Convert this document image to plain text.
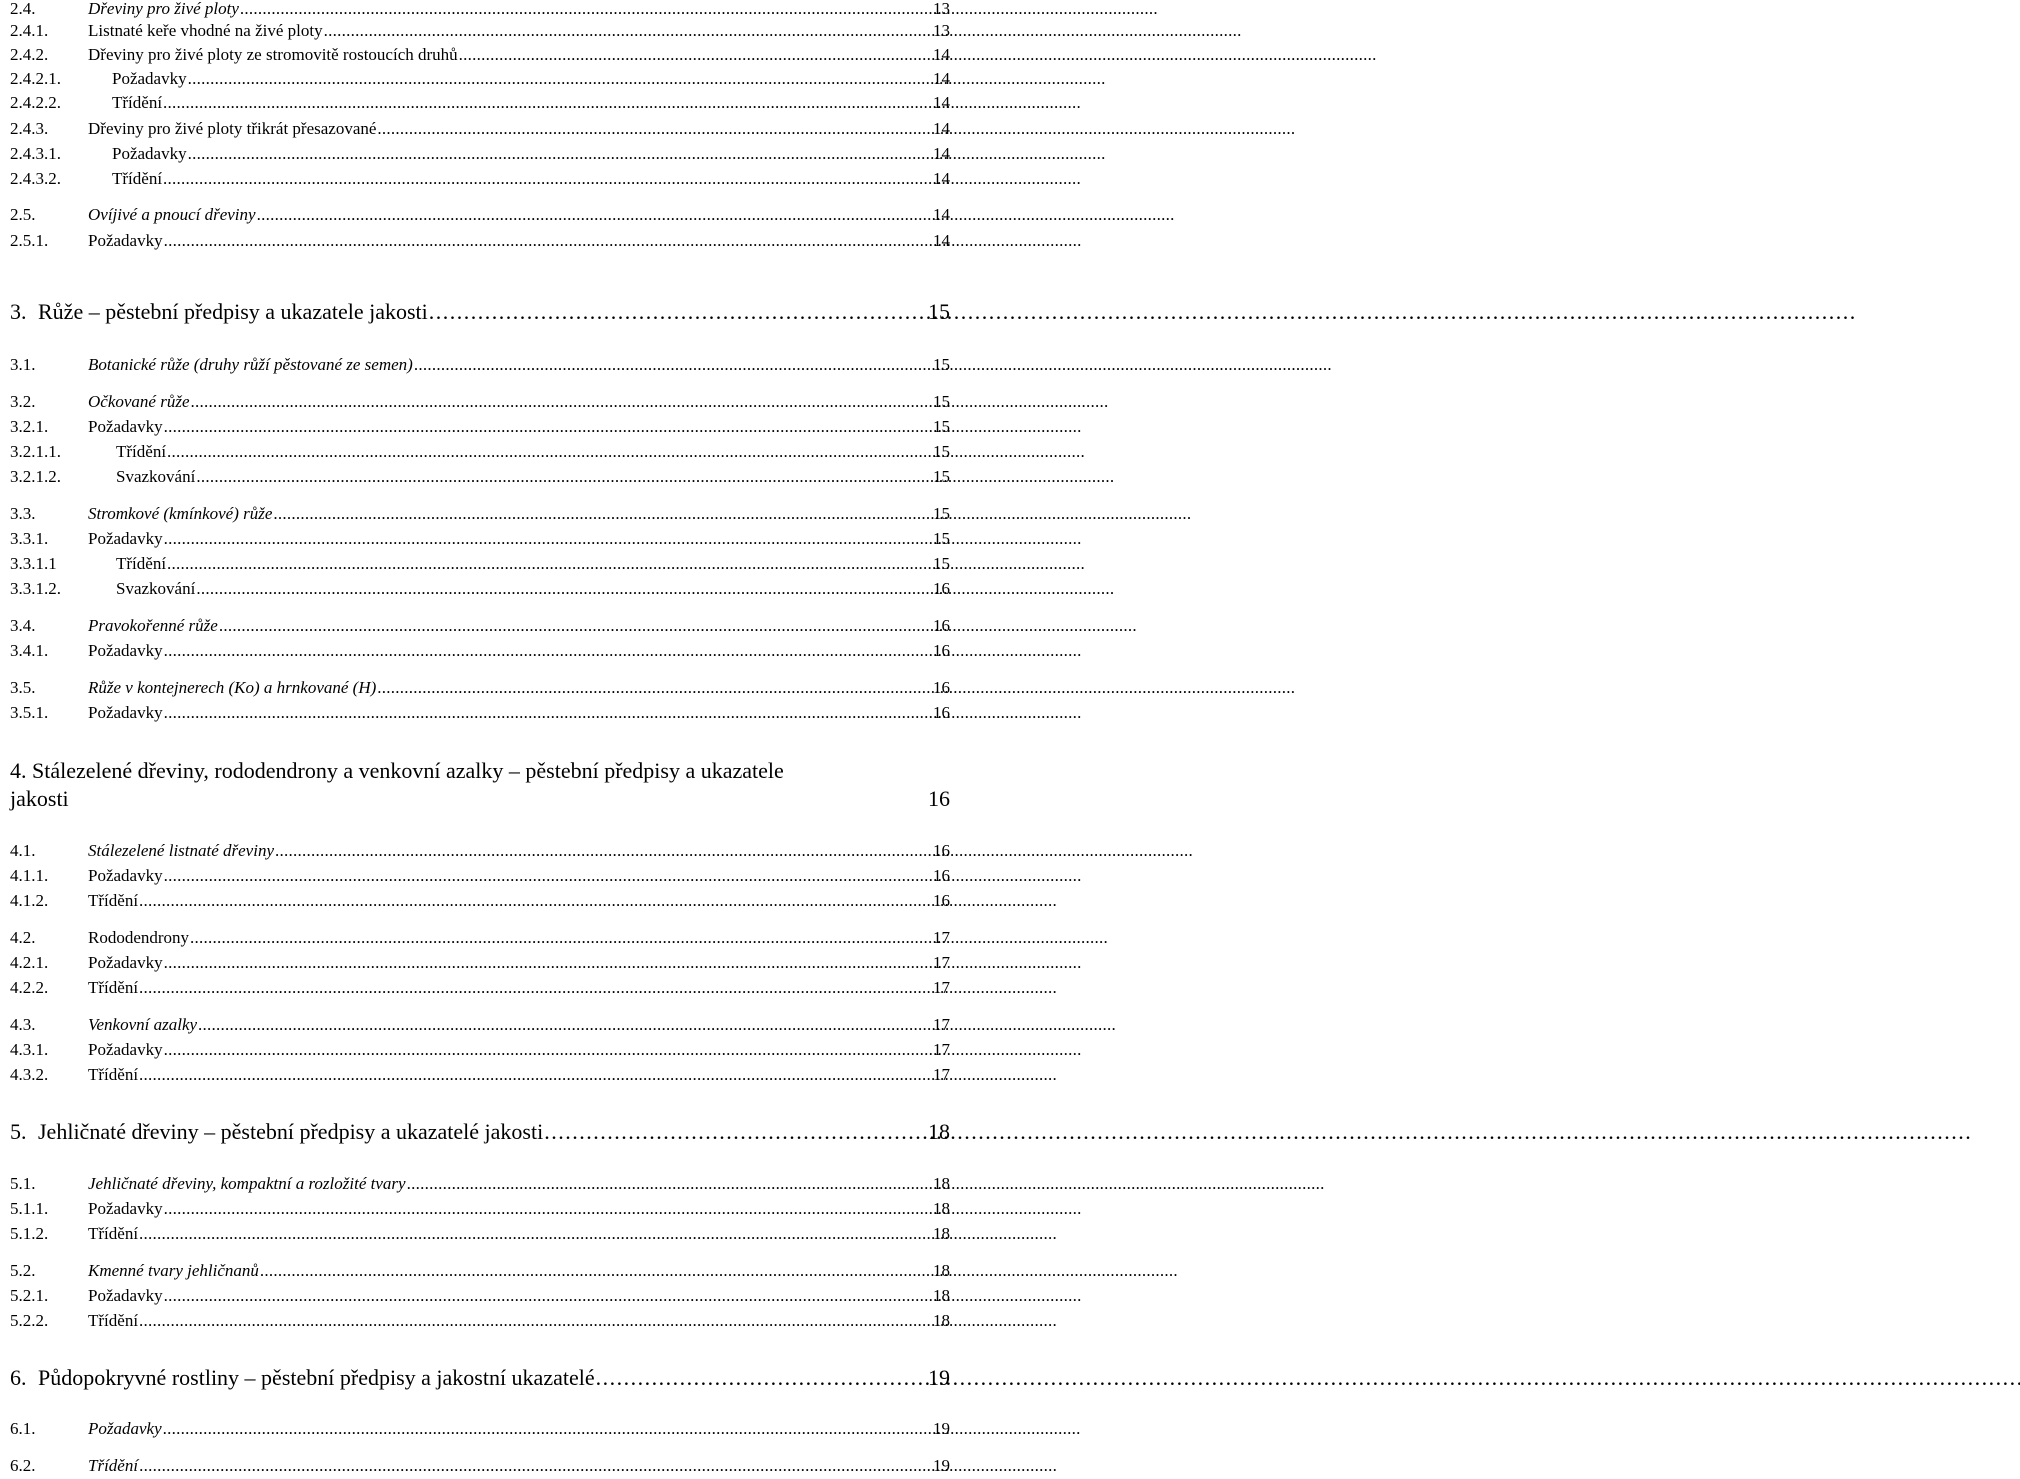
4. Stálezelené dřeviny, rododendrony a venkovní azalky – pěstební předpisy a ukazatele
jakosti	16
2.4.	Dřeviny pro živé ploty . . .	13
2.4.1.	Listnaté keře vhodné na živé ploty . . .	13
2.4.2.	Dřeviny pro živé ploty ze stromovitě rostoucích druhů . . .	14
2.4.2.1.	Požadavky . . .	14
2.4.2.2.	Třídění . . .	14
2.4.3.	Dřeviny pro živé ploty třikrát přesazované . . .	14
2.4.3.1.	Požadavky . . .	14
2.4.3.2.	Třídění . . .	14
2.5.	Ovíjivé a pnoucí dřeviny . . .	14
2.5.1.	Požadavky . . .	14
3. Růže – pěstební předpisy a ukazatele jakosti . . .	15
3.1.	Botanické růže (druhy růží pěstované ze semen) . . .	15
3.2.	Očkované růže . . .	15
3.2.1.	Požadavky . . .	15
3.2.1.1.	Třídění . . .	15
3.2.1.2.	Svazkování . . .	15
3.3.	Stromkové (kmínkové) růže . . .	15
3.3.1.	Požadavky . . .	15
3.3.1.1	Třídění . . .	15
3.3.1.2.	Svazkování . . .	16
3.4.	Pravokořenné růže . . .	16
3.4.1.	Požadavky . . .	16
3.5.	Růže v kontejnerech (Ko) a hrnkované (H) . . .	16
3.5.1.	Požadavky . . .	16
4.1.	Stálezelené listnaté dřeviny . . .	16
4.1.1.	Požadavky . . .	16
4.1.2.	Třídění . . .	16
4.2.	Rododendrony . . .	17
4.2.1.	Požadavky . . .	17
4.2.2.	Třídění . . .	17
4.3.	Venkovní azalky . . .	17
4.3.1.	Požadavky . . .	17
4.3.2.	Třídění . . .	17
5. Jehličnaté dřeviny – pěstební předpisy a ukazatelé jakosti . . .	18
5.1.	Jehličnaté dřeviny, kompaktní a rozložité tvary . . .	18
5.1.1.	Požadavky . . .	18
5.1.2.	Třídění . . .	18
5.2.	Kmenné tvary jehličnanů . . .	18
5.2.1.	Požadavky . . .	18
5.2.2.	Třídění . . .	18
6. Půdopokryvné rostliny – pěstební předpisy a jakostní ukazatelé . . .	19
6.1.	Požadavky . . .	19
6.2.	Třídění . . .	19
